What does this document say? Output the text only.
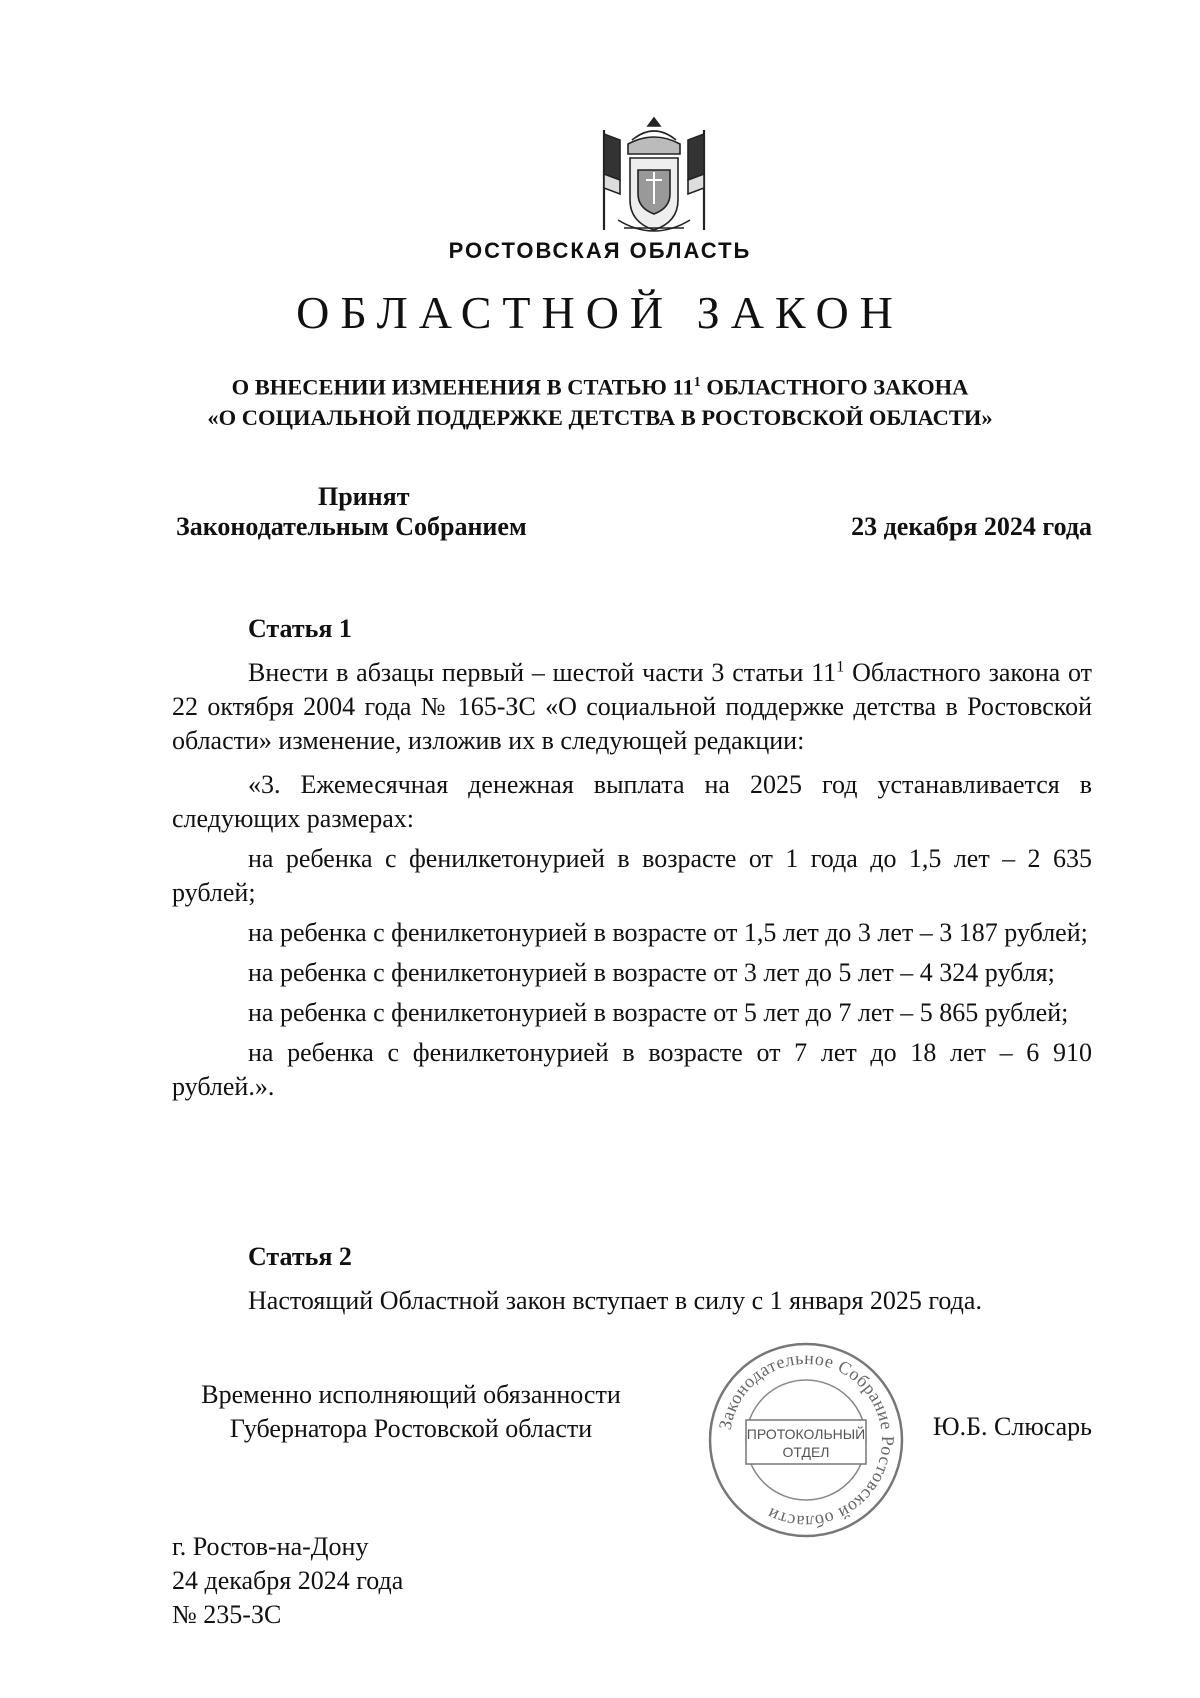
РОСТОВСКАЯ ОБЛАСТЬ
ОБЛАСТНОЙ ЗАКОН
О ВНЕСЕНИИ ИЗМЕНЕНИЯ В СТАТЬЮ $11^1$ ОБЛАСТНОГО ЗАКОНА
«О СОЦИАЛЬНОЙ ПОДДЕРЖКЕ ДЕТСТВА В РОСТОВСКОЙ ОБЛАСТИ»
Принят
Законодательным Собранием	23 декабря 2024 года
Статья 1

Внести в абзацы первый – шестой части 3 статьи $11^1$ Областного закона от 22 октября 2004 года № 165-ЗС «О социальной поддержке детства в Ростовской области» изменение, изложив их в следующей редакции:

«3. Ежемесячная денежная выплата на 2025 год устанавливается в следующих размерах:

на ребенка с фенилкетонурией в возрасте от 1 года до 1,5 лет – 2 635 рублей;

на ребенка с фенилкетонурией в возрасте от 1,5 лет до 3 лет – 3 187 рублей;

на ребенка с фенилкетонурией в возрасте от 3 лет до 5 лет – 4 324 рубля;

на ребенка с фенилкетонурией в возрасте от 5 лет до 7 лет – 5 865 рублей;

на ребенка с фенилкетонурией в возрасте от 7 лет до 18 лет – 6 910 рублей.».

Статья 2

Настоящий Областной закон вступает в силу с 1 января 2025 года.

Временно исполняющий обязанности
Губернатора Ростовской области	Законодательное Собрание Ростовской области
ПРОТОКОЛЬНЫЙ
ОТДЕЛ
Ю.Б. Слюсарь
г. Ростов-на-Дону
24 декабря 2024 года
№ 235-ЗС
